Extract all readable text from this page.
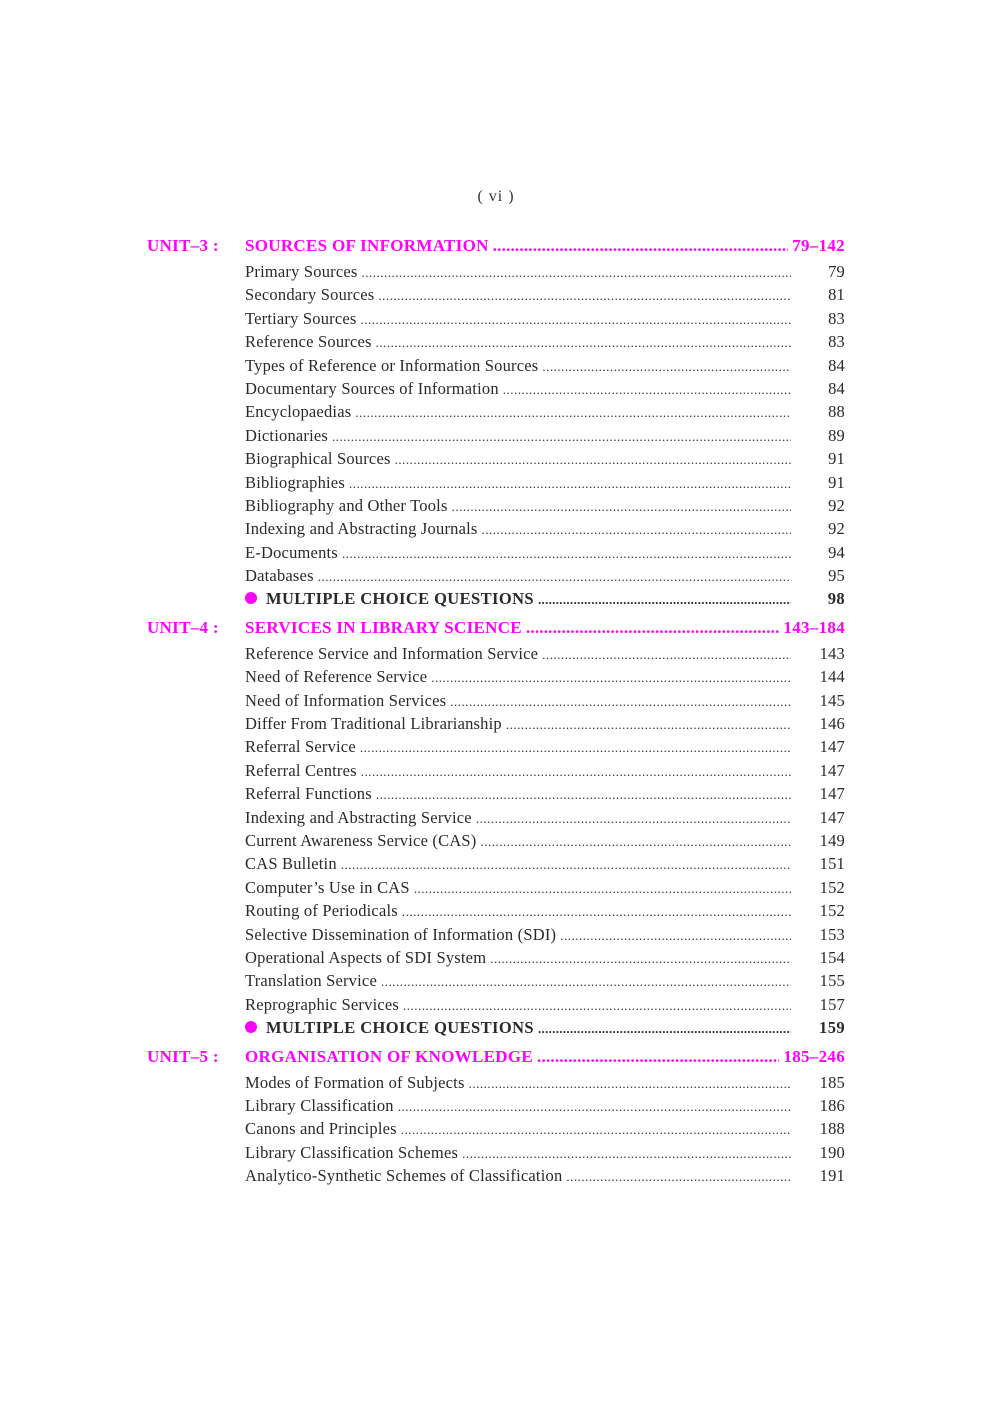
( vi )
UNIT–3 :	SOURCES OF INFORMATION .....	79–142
Primary Sources .....	79
Secondary Sources .....	81
Tertiary Sources .....	83
Reference Sources .....	83
Types of Reference or Information Sources .....	84
Documentary Sources of Information .....	84
Encyclopaedias .....	88
Dictionaries .....	89
Biographical Sources .....	91
Bibliographies .....	91
Bibliography and Other Tools .....	92
Indexing and Abstracting Journals .....	92
E-Documents .....	94
Databases .....	95
MULTIPLE CHOICE QUESTIONS .....	98
UNIT–4 :	SERVICES IN LIBRARY SCIENCE .....	143–184
Reference Service and Information Service .....	143
Need of Reference Service .....	144
Need of Information Services .....	145
Differ From Traditional Librarianship .....	146
Referral Service .....	147
Referral Centres .....	147
Referral Functions .....	147
Indexing and Abstracting Service .....	147
Current Awareness Service (CAS) .....	149
CAS Bulletin .....	151
Computer’s Use in CAS .....	152
Routing of Periodicals .....	152
Selective Dissemination of Information (SDI) .....	153
Operational Aspects of SDI System .....	154
Translation Service .....	155
Reprographic Services .....	157
MULTIPLE CHOICE QUESTIONS .....	159
UNIT–5 :	ORGANISATION OF KNOWLEDGE .....	185–246
Modes of Formation of Subjects .....	185
Library Classification .....	186
Canons and Principles .....	188
Library Classification Schemes .....	190
Analytico-Synthetic Schemes of Classification .....	191
